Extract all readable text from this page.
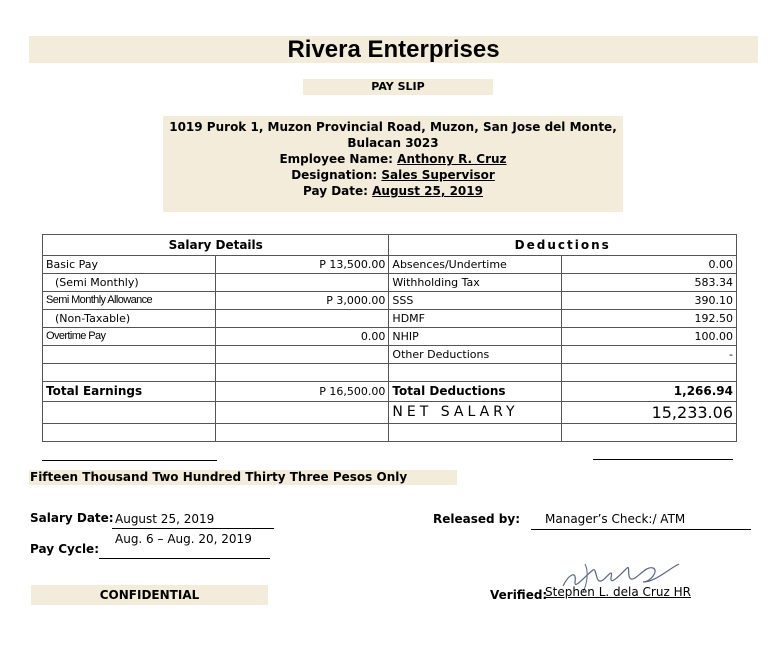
Rivera Enterprises
PAY SLIP
1019 Purok 1, Muzon Provincial Road, Muzon, San Jose del Monte,
Bulacan 3023
Employee Name: Anthony R. Cruz
Designation: Sales Supervisor
Pay Date: August 25, 2019
Salary Details		Deductions	
Basic Pay	P 13,500.00	Absences/Undertime	0.00
(Semi Monthly)		Withholding Tax	583.34
Semi Monthly Allowance	P 3,000.00	SSS	390.10
(Non-Taxable)		HDMF	192.50
Overtime Pay	0.00	NHIP	100.00
		Other Deductions	-

Total Earnings	P 16,500.00	Total Deductions	1,266.94
		NET SALARY	15,233.06

Fifteen Thousand Two Hundred Thirty Three Pesos Only
Salary Date: August 25, 2019
Pay Cycle:
Aug. 6 – Aug. 20, 2019
Released by: Manager’s Check:/ ATM
CONFIDENTIAL	Verified:
Stephen L. dela Cruz HR
